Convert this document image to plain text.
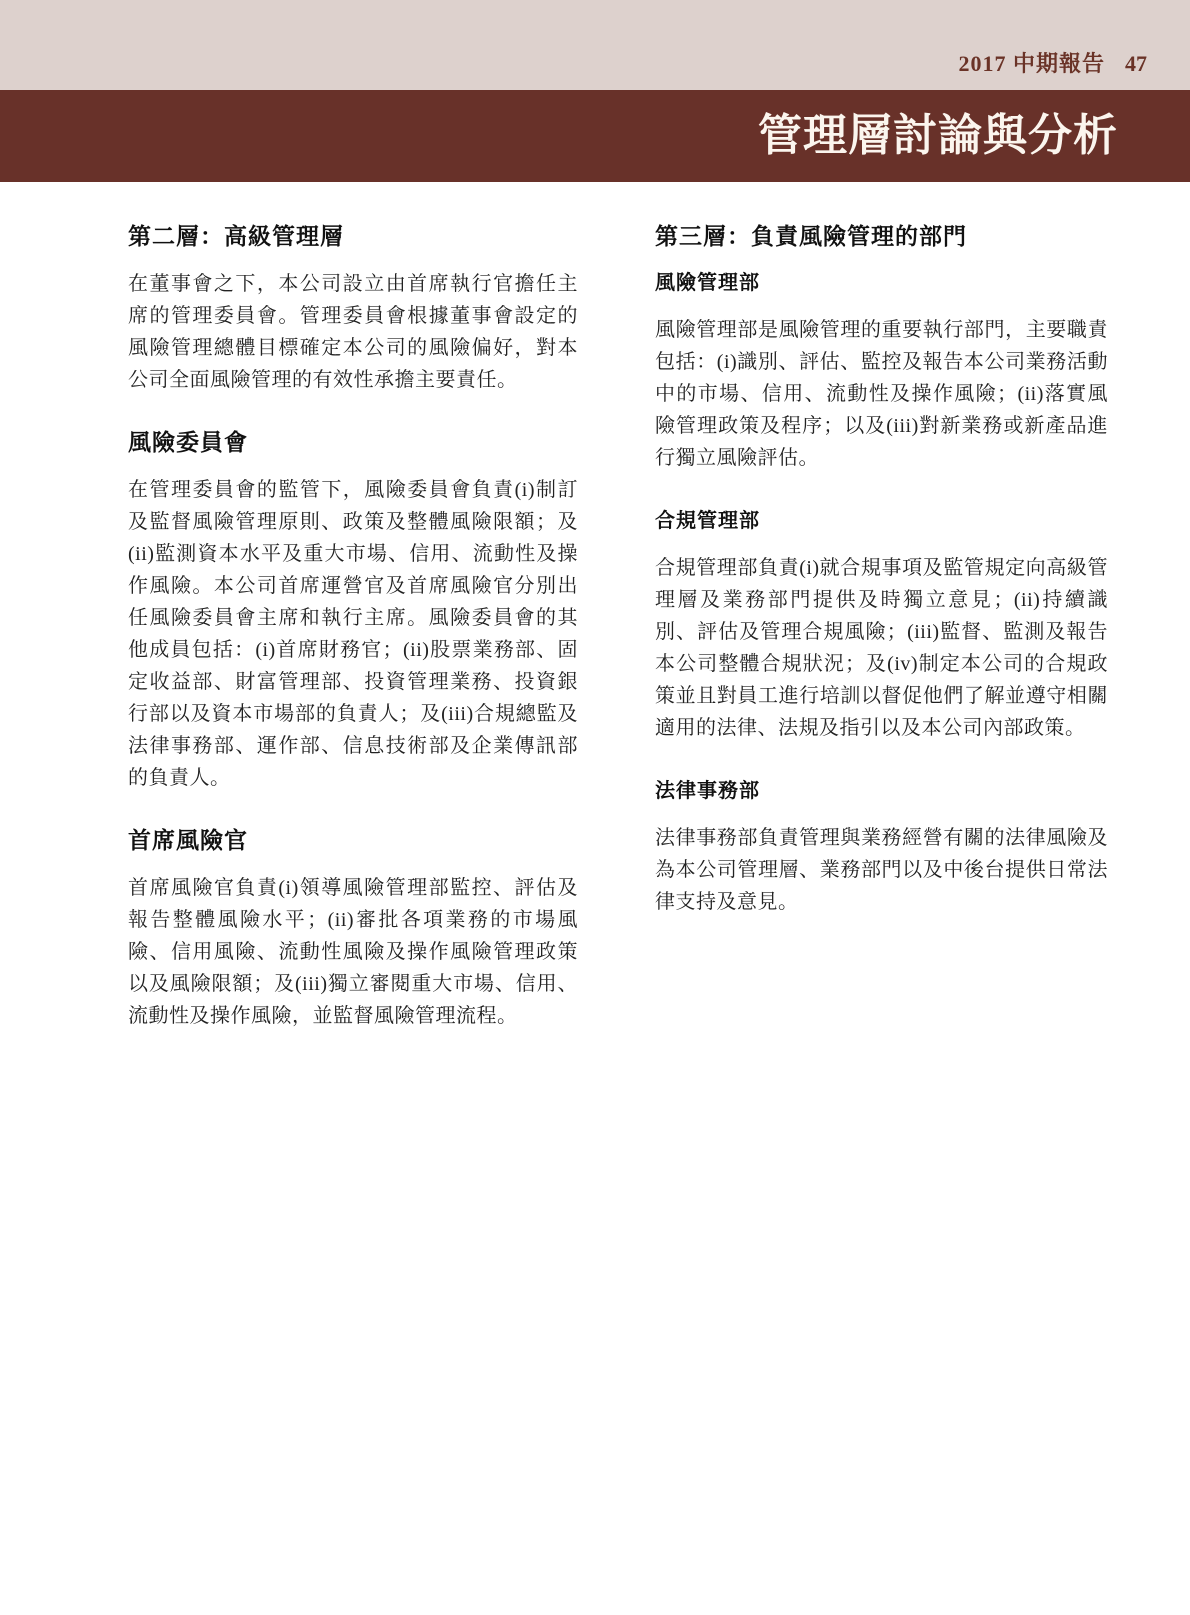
2017 中期報告 47
管理層討論與分析
第二層：高級管理層

在董事會之下，本公司設立由首席執行官擔任主席的管理委員會。管理委員會根據董事會設定的風險管理總體目標確定本公司的風險偏好，對本公司全面風險管理的有效性承擔主要責任。

風險委員會

在管理委員會的監管下，風險委員會負責(i)制訂及監督風險管理原則、政策及整體風險限額；及(ii)監測資本水平及重大市場、信用、流動性及操作風險。本公司首席運營官及首席風險官分別出任風險委員會主席和執行主席。風險委員會的其他成員包括：(i)首席財務官；(ii)股票業務部、固定收益部、財富管理部、投資管理業務、投資銀行部以及資本市場部的負責人；及(iii)合規總監及法律事務部、運作部、信息技術部及企業傳訊部的負責人。

首席風險官

首席風險官負責(i)領導風險管理部監控、評估及報告整體風險水平；(ii)審批各項業務的市場風險、信用風險、流動性風險及操作風險管理政策以及風險限額；及(iii)獨立審閱重大市場、信用、流動性及操作風險，並監督風險管理流程。

第三層：負責風險管理的部門
風險管理部

風險管理部是風險管理的重要執行部門，主要職責包括：(i)識別、評估、監控及報告本公司業務活動中的市場、信用、流動性及操作風險；(ii)落實風險管理政策及程序；以及(iii)對新業務或新產品進行獨立風險評估。

合規管理部

合規管理部負責(i)就合規事項及監管規定向高級管理層及業務部門提供及時獨立意見；(ii)持續識別、評估及管理合規風險；(iii)監督、監測及報告本公司整體合規狀況；及(iv)制定本公司的合規政策並且對員工進行培訓以督促他們了解並遵守相關適用的法律、法規及指引以及本公司內部政策。

法律事務部

法律事務部負責管理與業務經營有關的法律風險及為本公司管理層、業務部門以及中後台提供日常法律支持及意見。
